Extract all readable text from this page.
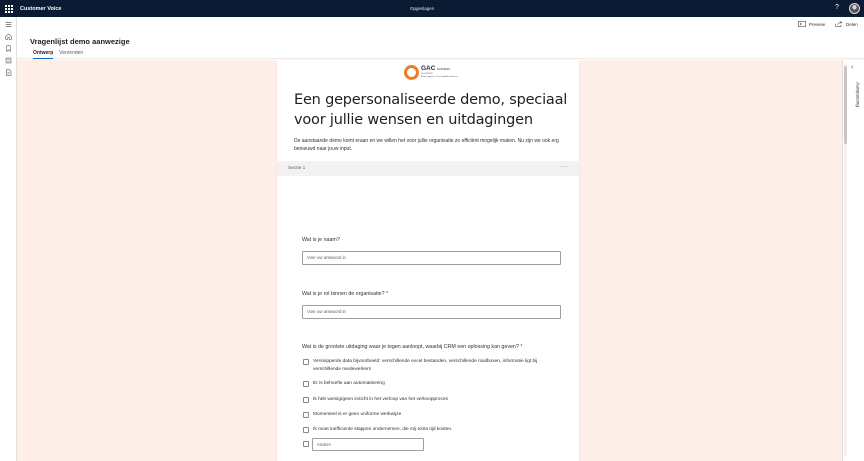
Customer Voice	Opgeslagen	?
Preview	Delen
Vragenlijst demo aanwezige
Ontwerp Verzenden
GAC BUSINESS
SOLUTIONS
Better Together • The Digital Accelerators
Een gepersonaliseerde demo, speciaal voor jullie wensen en uitdagingen
De aanstaande demo komt eraan en we willen het voor jullie organisatie zo efficiënt mogelijk maken. Nu zijn we ook erg benieuwd naar jouw input.
Sectie 1	···
Wat is je naam?
Voer uw antwoord in
Wat is je rol binnen de organisatie? *
Voer uw antwoord in
Wat is de grootste uitdaging waar je tegen aanloopt, waarbij CRM een oplossing kan geven? *
Versnipperde data bijvoorbeeld: verschillende excel bestanden, verschillende mailboxen, informatie ligt bij verschillende medewerkers
Er is behoefte aan automatisering
Ik heb weinig/geen inzicht in het verloop van het verkoopproces
Momenteel is er geen uniforme werkwijze
Ik moet inefficiente stappen ondernemen, die mij extra tijd kosten.
Andere
‹
Aanpassing
